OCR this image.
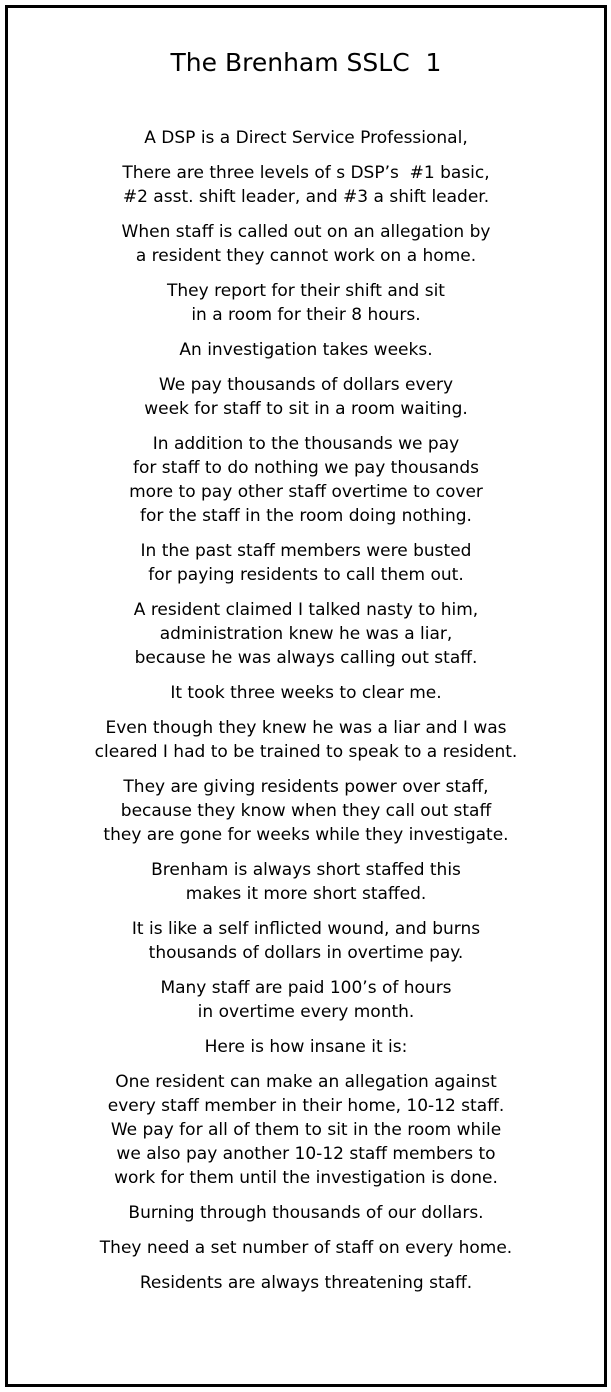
The Brenham SSLC  1

A DSP is a Direct Service Professional,

There are three levels of s DSP’s  #1 basic,
#2 asst. shift leader, and #3 a shift leader.

When staff is called out on an allegation by
a resident they cannot work on a home.

They report for their shift and sit
in a room for their 8 hours.

An investigation takes weeks.

We pay thousands of dollars every
week for staff to sit in a room waiting.

In addition to the thousands we pay
for staff to do nothing we pay thousands
more to pay other staff overtime to cover
for the staff in the room doing nothing.

In the past staff members were busted
for paying residents to call them out.

A resident claimed I talked nasty to him,
administration knew he was a liar,
because he was always calling out staff.

It took three weeks to clear me.

Even though they knew he was a liar and I was
cleared I had to be trained to speak to a resident.

They are giving residents power over staff,
because they know when they call out staff
they are gone for weeks while they investigate.

Brenham is always short staffed this
makes it more short staffed.

It is like a self inflicted wound, and burns
thousands of dollars in overtime pay.

Many staff are paid 100’s of hours
in overtime every month.

Here is how insane it is:

One resident can make an allegation against
every staff member in their home, 10-12 staff.
We pay for all of them to sit in the room while
we also pay another 10-12 staff members to
work for them until the investigation is done.

Burning through thousands of our dollars.

They need a set number of staff on every home.

Residents are always threatening staff.
